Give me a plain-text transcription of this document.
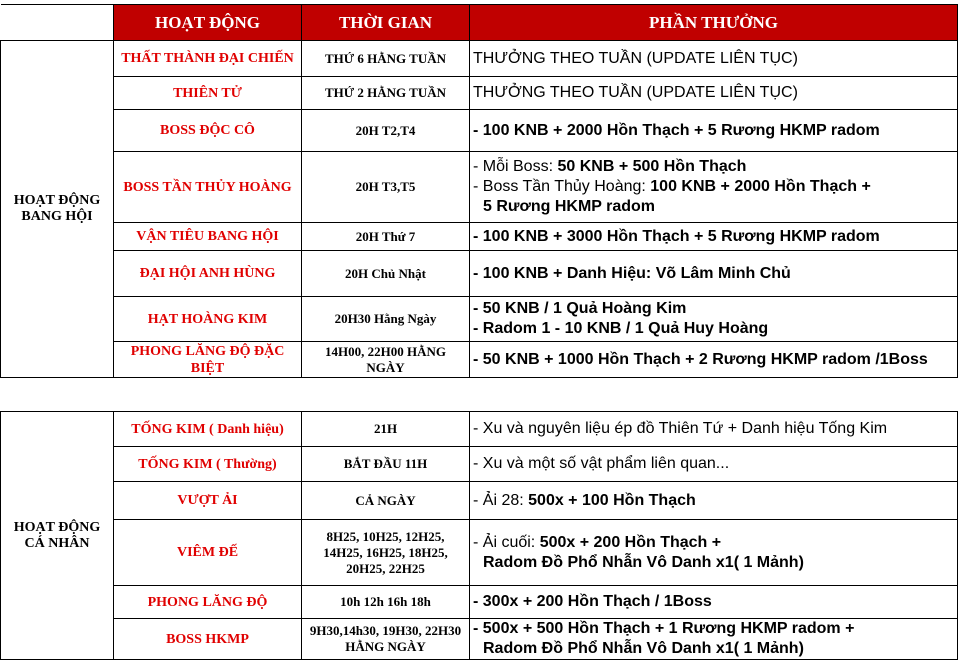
	HOẠT ĐỘNG	THỜI GIAN	PHẦN THƯỞNG
HOẠT ĐỘNG
BANG HỘI	THẤT THÀNH ĐẠI CHIẾN	THỨ 6 HẰNG TUẦN	THƯỞNG THEO TUẦN (UPDATE LIÊN TỤC)
	THIÊN TỬ	THỨ 2 HẰNG TUẦN	THƯỞNG THEO TUẦN (UPDATE LIÊN TỤC)
	BOSS ĐỘC CÔ	20H T2,T4	- 100 KNB + 2000 Hồn Thạch + 5 Rương HKMP radom
	BOSS TẦN THỦY HOÀNG	20H T3,T5	- Mỗi Boss: 50 KNB + 500 Hồn Thạch
- Boss Tần Thủy Hoàng: 100 KNB + 2000 Hồn Thạch +
5 Rương HKMP radom

	VẬN TIÊU BANG HỘI	20H Thứ 7	- 100 KNB + 3000 Hồn Thạch + 5 Rương HKMP radom
	ĐẠI HỘI ANH HÙNG	20H Chủ Nhật	- 100 KNB + Danh Hiệu: Võ Lâm Minh Chủ
	HẠT HOÀNG KIM	20H30 Hằng Ngày	- 50 KNB / 1 Quả Hoàng Kim
- Radom 1 - 10 KNB / 1 Quả Huy Hoàng

	PHONG LĂNG ĐỘ ĐẶC BIỆT	14H00, 22H00 HẰNG NGÀY	- 50 KNB + 1000 Hồn Thạch + 2 Rương HKMP radom /1Boss
HOẠT ĐỘNG
CÁ NHÂN	TỐNG KIM ( Danh hiệu)	21H	- Xu và nguyên liệu ép đồ Thiên Tứ + Danh hiệu Tống Kim
	TỐNG KIM ( Thường)	BẮT ĐẦU 11H	- Xu và một số vật phẩm liên quan...
	VƯỢT ẢI	CẢ NGÀY	- Ải 28: 500x + 100 Hồn Thạch
	VIÊM ĐẾ	8H25, 10H25, 12H25, 14H25, 16H25, 18H25, 20H25, 22H25	- Ải cuối: 500x + 200 Hồn Thạch +
Radom Đồ Phổ Nhẫn Vô Danh x1( 1 Mảnh)

	PHONG LĂNG ĐỘ	10h 12h 16h 18h	- 300x + 200 Hồn Thạch / 1Boss
	BOSS HKMP	9H30,14h30, 19H30, 22H30 HẰNG NGÀY	- 500x + 500 Hồn Thạch + 1 Rương HKMP radom +
Radom Đồ Phổ Nhẫn Vô Danh x1( 1 Mảnh)
